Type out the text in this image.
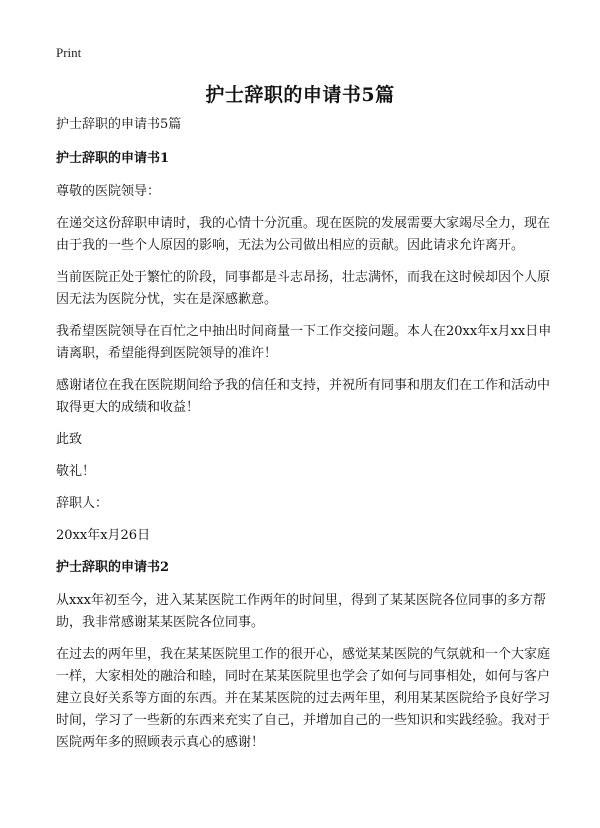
Print
护士辞职的申请书5篇

护士辞职的申请书5篇

护士辞职的申请书1

尊敬的医院领导：

在递交这份辞职申请时，我的心情十分沉重。现在医院的发展需要大家竭尽全力，现在由于我的一些个人原因的影响，无法为公司做出相应的贡献。因此请求允许离开。

当前医院正处于繁忙的阶段，同事都是斗志昂扬，壮志满怀，而我在这时候却因个人原因无法为医院分忧，实在是深感歉意。

我希望医院领导在百忙之中抽出时间商量一下工作交接问题。本人在20xx年x月xx日申请离职，希望能得到医院领导的准许！

感谢诸位在我在医院期间给予我的信任和支持，并祝所有同事和朋友们在工作和活动中取得更大的成绩和收益！

此致

敬礼！

辞职人：

20xx年x月26日

护士辞职的申请书2

从xxx年初至今，进入某某医院工作两年的时间里，得到了某某医院各位同事的多方帮助，我非常感谢某某医院各位同事。

在过去的两年里，我在某某医院里工作的很开心，感觉某某医院的气氛就和一个大家庭一样，大家相处的融洽和睦，同时在某某医院里也学会了如何与同事相处，如何与客户建立良好关系等方面的东西。并在某某医院的过去两年里，利用某某医院给予良好学习时间，学习了一些新的东西来充实了自己，并增加自己的一些知识和实践经验。我对于医院两年多的照顾表示真心的感谢！
